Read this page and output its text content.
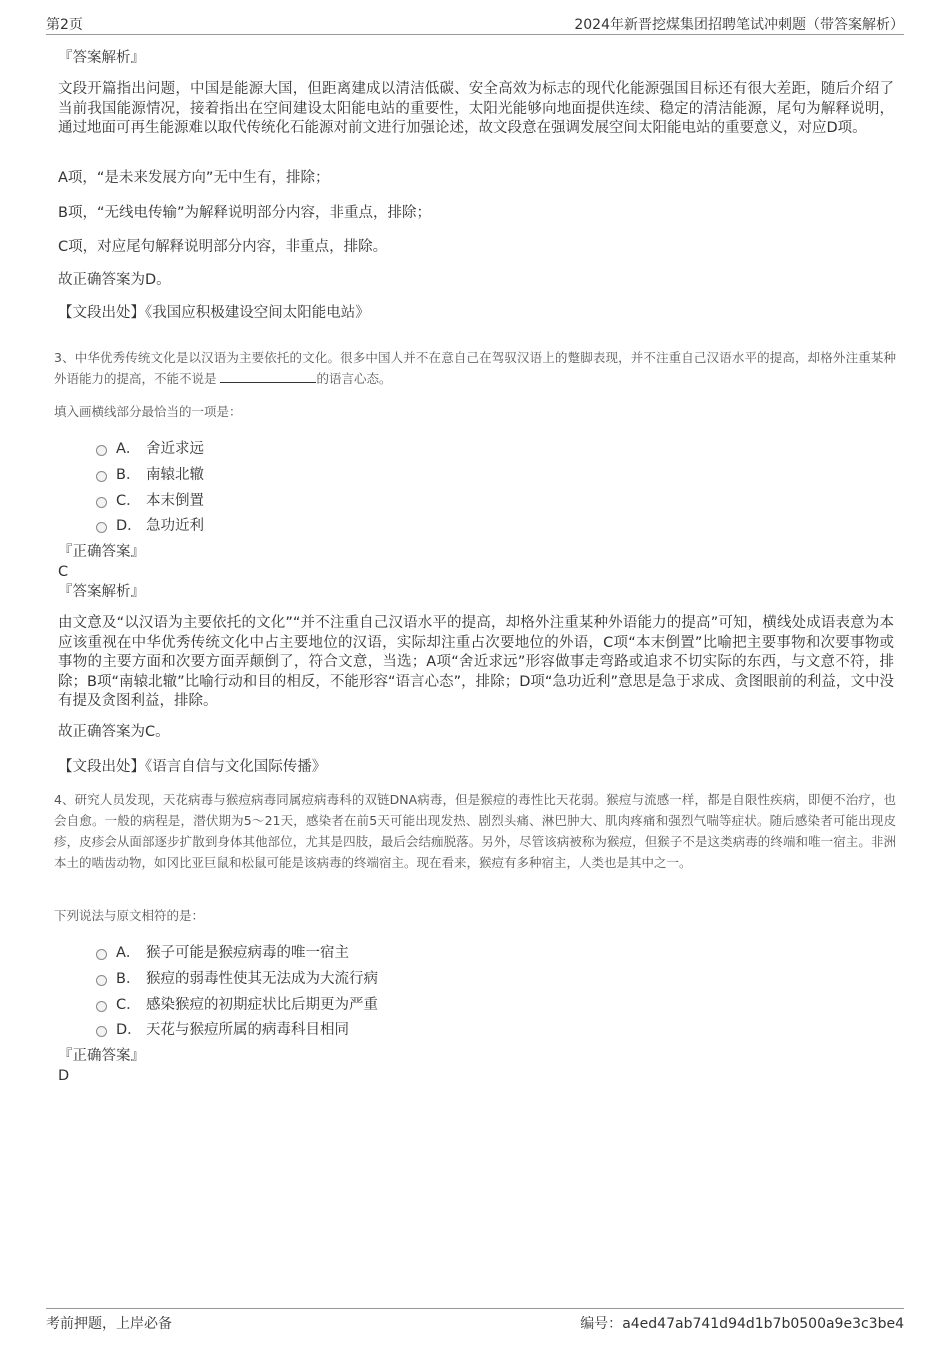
第2页	2024年新晋挖煤集团招聘笔试冲刺题（带答案解析）
『答案解析』
文段开篇指出问题，中国是能源大国，但距离建成以清洁低碳、安全高效为标志的现代化能源强国目标还有很大差距，随后介绍了当前我国能源情况，接着指出在空间建设太阳能电站的重要性，太阳光能够向地面提供连续、稳定的清洁能源，尾句为解释说明，通过地面可再生能源难以取代传统化石能源对前文进行加强论述，故文段意在强调发展空间太阳能电站的重要意义，对应D项。
A项，“是未来发展方向”无中生有，排除；
B项，“无线电传输”为解释说明部分内容，非重点，排除；
C项，对应尾句解释说明部分内容，非重点，排除。
故正确答案为D。
【文段出处】《我国应积极建设空间太阳能电站》
3、中华优秀传统文化是以汉语为主要依托的文化。很多中国人并不在意自己在驾驭汉语上的蹩脚表现，并不注重自己汉语水平的提高，却格外注重某种外语能力的提高，不能不说是	的语言心态。
填入画横线部分最恰当的一项是：
A． 舍近求远
B． 南辕北辙
C． 本末倒置
D． 急功近利
『正确答案』
C
『答案解析』
由文意及“以汉语为主要依托的文化”“并不注重自己汉语水平的提高，却格外注重某种外语能力的提高”可知，横线处成语表意为本应该重视在中华优秀传统文化中占主要地位的汉语，实际却注重占次要地位的外语，C项“本末倒置”比喻把主要事物和次要事物或事物的主要方面和次要方面弄颠倒了，符合文意，当选；A项“舍近求远”形容做事走弯路或追求不切实际的东西，与文意不符，排除；B项“南辕北辙”比喻行动和目的相反，不能形容“语言心态”，排除；D项“急功近利”意思是急于求成、贪图眼前的利益，文中没有提及贪图利益，排除。
故正确答案为C。
【文段出处】《语言自信与文化国际传播》
4、研究人员发现，天花病毒与猴痘病毒同属痘病毒科的双链DNA病毒，但是猴痘的毒性比天花弱。猴痘与流感一样，都是自限性疾病，即便不治疗，也会自愈。一般的病程是，潜伏期为5～21天，感染者在前5天可能出现发热、剧烈头痛、淋巴肿大、肌肉疼痛和强烈气喘等症状。随后感染者可能出现皮疹，皮疹会从面部逐步扩散到身体其他部位，尤其是四肢，最后会结痂脱落。另外，尽管该病被称为猴痘，但猴子不是这类病毒的终端和唯一宿主。非洲本土的啮齿动物，如冈比亚巨鼠和松鼠可能是该病毒的终端宿主。现在看来，猴痘有多种宿主，人类也是其中之一。
下列说法与原文相符的是：
A． 猴子可能是猴痘病毒的唯一宿主
B． 猴痘的弱毒性使其无法成为大流行病
C． 感染猴痘的初期症状比后期更为严重
D． 天花与猴痘所属的病毒科目相同
『正确答案』
D
考前押题，上岸必备	编号：a4ed47ab741d94d1b7b0500a9e3c3be4
